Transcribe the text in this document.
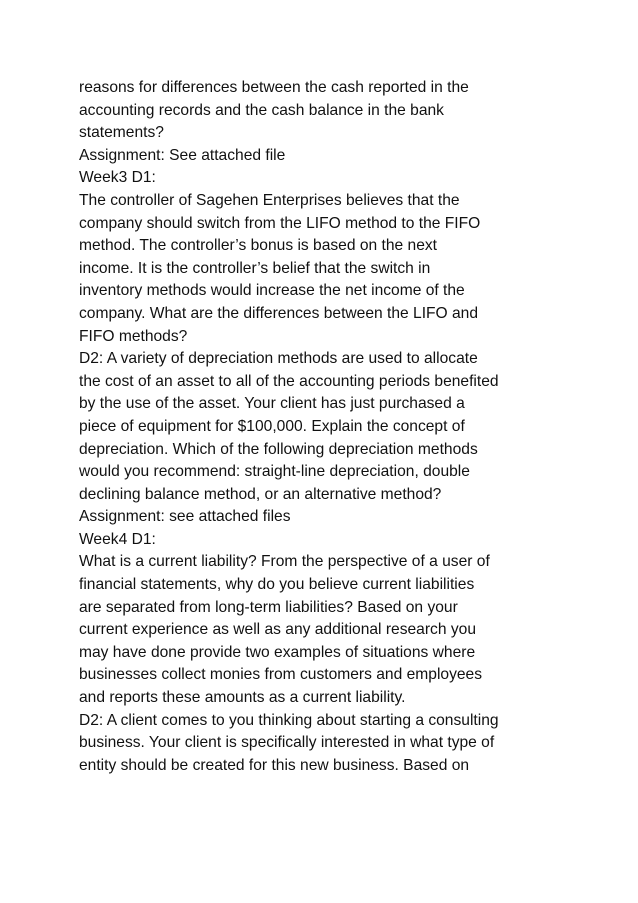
reasons for differences between the cash reported in the
accounting records and the cash balance in the bank
statements?
Assignment: See attached file
Week3 D1:
The controller of Sagehen Enterprises believes that the
company should switch from the LIFO method to the FIFO
method. The controller’s bonus is based on the next
income. It is the controller’s belief that the switch in
inventory methods would increase the net income of the
company. What are the differences between the LIFO and
FIFO methods?
D2: A variety of depreciation methods are used to allocate
the cost of an asset to all of the accounting periods benefited
by the use of the asset. Your client has just purchased a
piece of equipment for $100,000. Explain the concept of
depreciation. Which of the following depreciation methods
would you recommend: straight-line depreciation, double
declining balance method, or an alternative method?
Assignment: see attached files
Week4 D1:
What is a current liability? From the perspective of a user of
financial statements, why do you believe current liabilities
are separated from long-term liabilities? Based on your
current experience as well as any additional research you
may have done provide two examples of situations where
businesses collect monies from customers and employees
and reports these amounts as a current liability.
D2: A client comes to you thinking about starting a consulting
business. Your client is specifically interested in what type of
entity should be created for this new business. Based on
